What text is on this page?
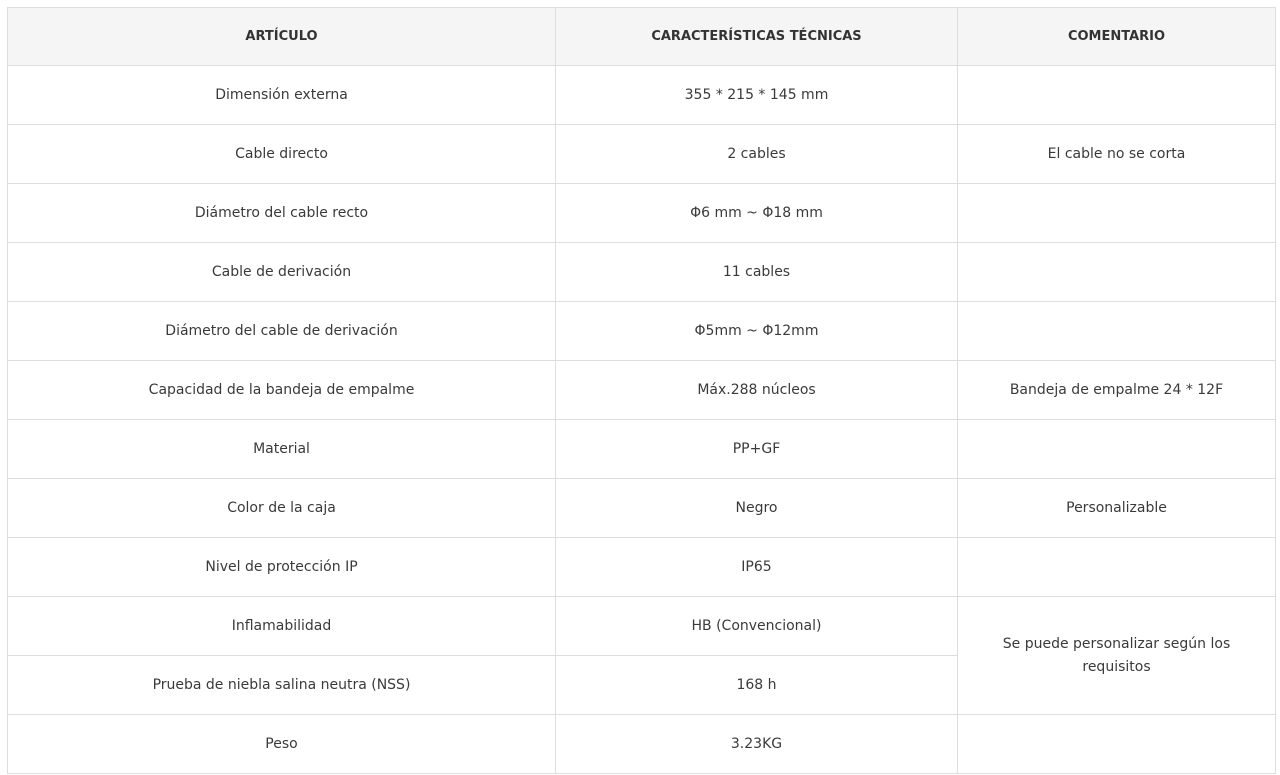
ARTÍCULO	CARACTERÍSTICAS TÉCNICAS	COMENTARIO
Dimensión externa	355 * 215 * 145 mm	
Cable directo	2 cables	El cable no se corta
Diámetro del cable recto	Φ6 mm ~ Φ18 mm	
Cable de derivación	11 cables	
Diámetro del cable de derivación	Φ5mm ~ Φ12mm	
Capacidad de la bandeja de empalme	Máx.288 núcleos	Bandeja de empalme 24 * 12F
Material	PP+GF	
Color de la caja	Negro	Personalizable
Nivel de protección IP	IP65	
Inflamabilidad	HB (Convencional)	Se puede personalizar según los requisitos
Prueba de niebla salina neutra (NSS)	168 h	
Peso	3.23KG	
